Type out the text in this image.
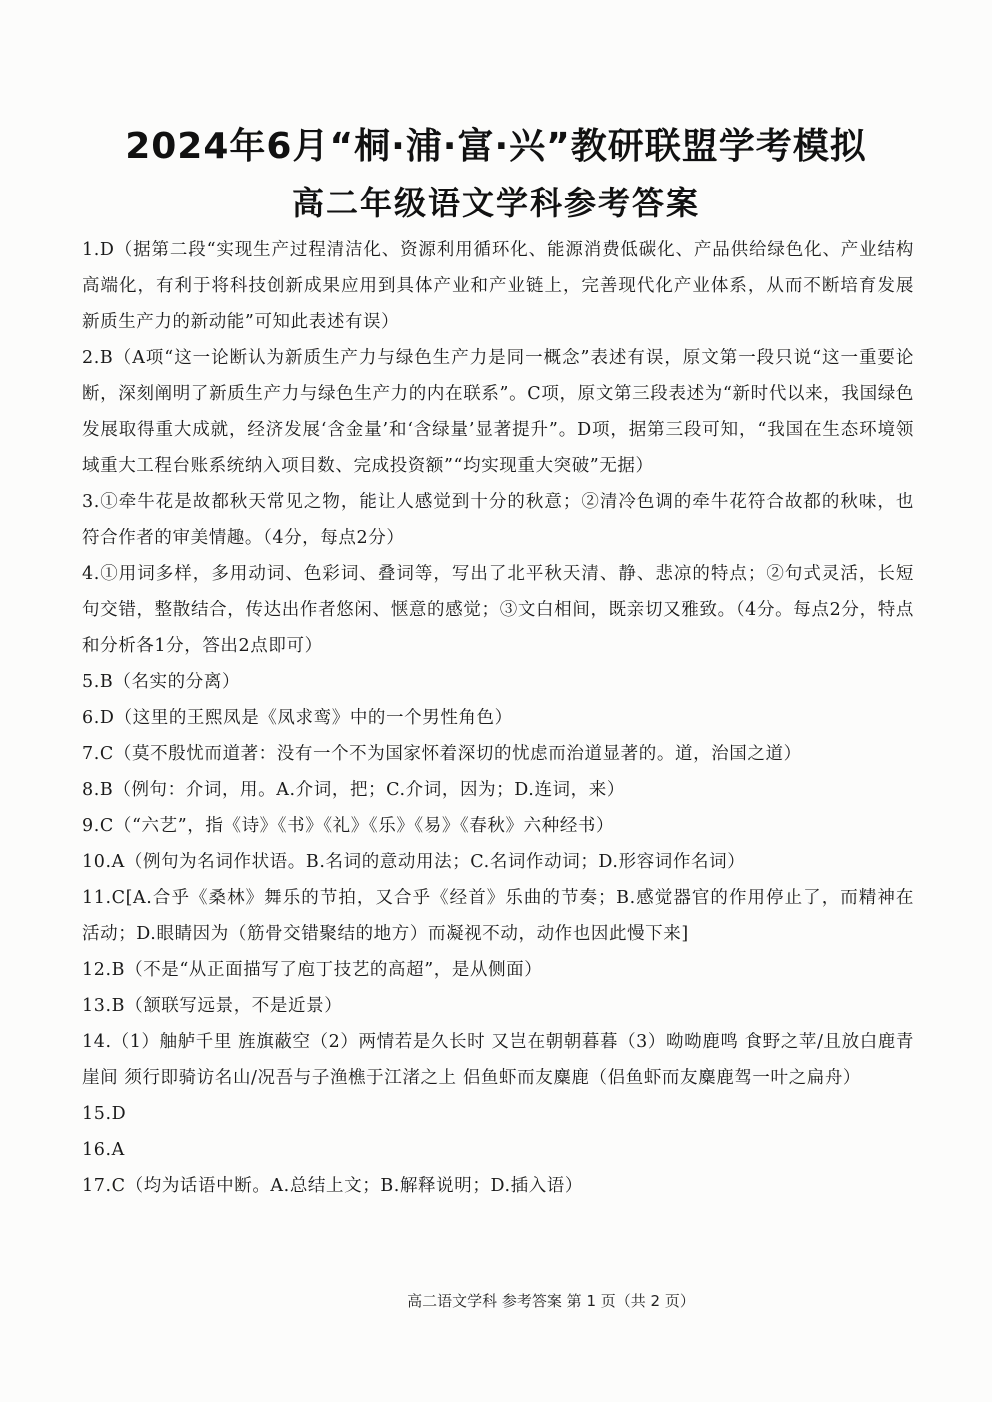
2024年6月“桐·浦·富·兴”教研联盟学考模拟
高二年级语文学科参考答案

1.D（据第二段“实现生产过程清洁化、资源利用循环化、能源消费低碳化、产品供给绿色化、产业结构高端化，有利于将科技创新成果应用到具体产业和产业链上，完善现代化产业体系，从而不断培育发展新质生产力的新动能”可知此表述有误）

2.B（A项“这一论断认为新质生产力与绿色生产力是同一概念”表述有误，原文第一段只说“这一重要论断，深刻阐明了新质生产力与绿色生产力的内在联系”。C项，原文第三段表述为“新时代以来，我国绿色发展取得重大成就，经济发展‘含金量’和‘含绿量’显著提升”。D项，据第三段可知，“我国在生态环境领域重大工程台账系统纳入项目数、完成投资额”“均实现重大突破”无据）

3.①牵牛花是故都秋天常见之物，能让人感觉到十分的秋意；②清冷色调的牵牛花符合故都的秋味，也符合作者的审美情趣。（4分，每点2分）

4.①用词多样，多用动词、色彩词、叠词等，写出了北平秋天清、静、悲凉的特点；②句式灵活，长短句交错，整散结合，传达出作者悠闲、惬意的感觉；③文白相间，既亲切又雅致。（4分。每点2分，特点和分析各1分，答出2点即可）

5.B（名实的分离）

6.D（这里的王熙凤是《凤求鸾》中的一个男性角色）

7.C（莫不殷忧而道著：没有一个不为国家怀着深切的忧虑而治道显著的。道，治国之道）

8.B（例句：介词，用。A.介词，把；C.介词，因为；D.连词，来）

9.C（“六艺”，指《诗》《书》《礼》《乐》《易》《春秋》六种经书）

10.A（例句为名词作状语。B.名词的意动用法；C.名词作动词；D.形容词作名词）

11.C[A.合乎《桑林》舞乐的节拍，又合乎《经首》乐曲的节奏；B.感觉器官的作用停止了，而精神在活动；D.眼睛因为（筋骨交错聚结的地方）而凝视不动，动作也因此慢下来]

12.B（不是“从正面描写了庖丁技艺的高超”，是从侧面）

13.B（颔联写远景，不是近景）

14.（1）舳舻千里 旌旗蔽空（2）两情若是久长时 又岂在朝朝暮暮（3）呦呦鹿鸣 食野之苹/且放白鹿青崖间 须行即骑访名山/况吾与子渔樵于江渚之上 侣鱼虾而友麋鹿（侣鱼虾而友麋鹿驾一叶之扁舟）

15.D

16.A

17.C（均为话语中断。A.总结上文；B.解释说明；D.插入语）

高二语文学科 参考答案 第 1 页（共 2 页）
